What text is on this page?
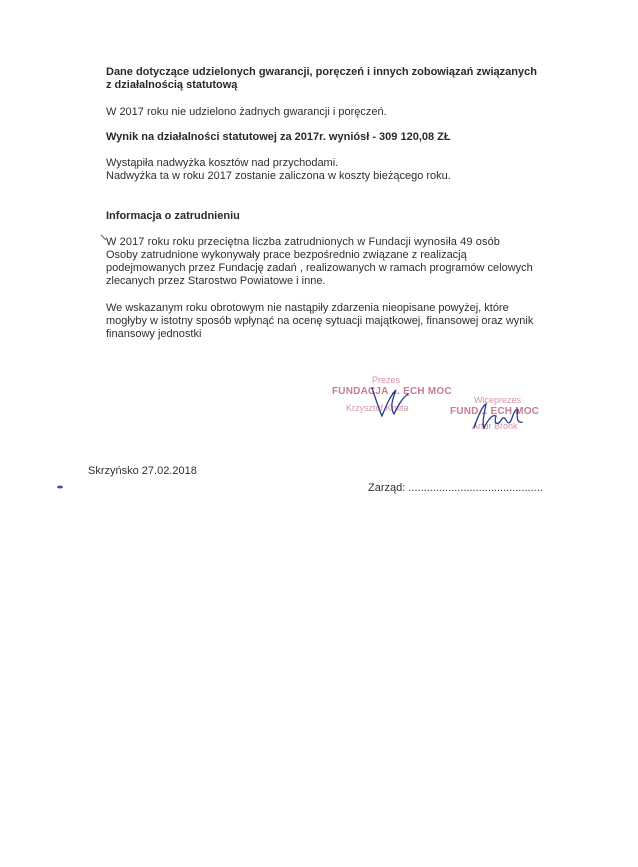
Dane dotyczące udzielonych gwarancji, poręczeń i innych zobowiązań związanych
z działalnością statutową
W 2017 roku nie udzielono żadnych gwarancji i poręczeń.
Wynik na działalności statutowej za 2017r. wyniósł - 309 120,08 ZŁ
Wystąpiła nadwyżka kosztów nad przychodami.
Nadwyżka ta w roku 2017 zostanie zaliczona w koszty bieżącego roku.
Informacja o zatrudnieniu
W 2017 roku roku przeciętna liczba zatrudnionych w Fundacji wynosiła 49 osób
Osoby zatrudnione wykonywały prace bezpośrednio związane z realizacją
podejmowanych przez Fundację zadań , realizowanych w ramach programów celowych
zlecanych przez Starostwo Powiatowe i inne.
We wskazanym roku obrotowym nie nastąpiły zdarzenia nieopisane powyżej, które
mogłyby w istotny sposób wpłynąć na ocenę sytuacji majątkowej, finansowej oraz wynik
finansowy jednostki
Prezes
FUNDACJA ... ĘCH MOC
Krzysztof Kmita
Wiceprezes
FUND... ECH MOC
Artur Bronk
Skrzyńsko 27.02.2018
Zarząd: ............................................
